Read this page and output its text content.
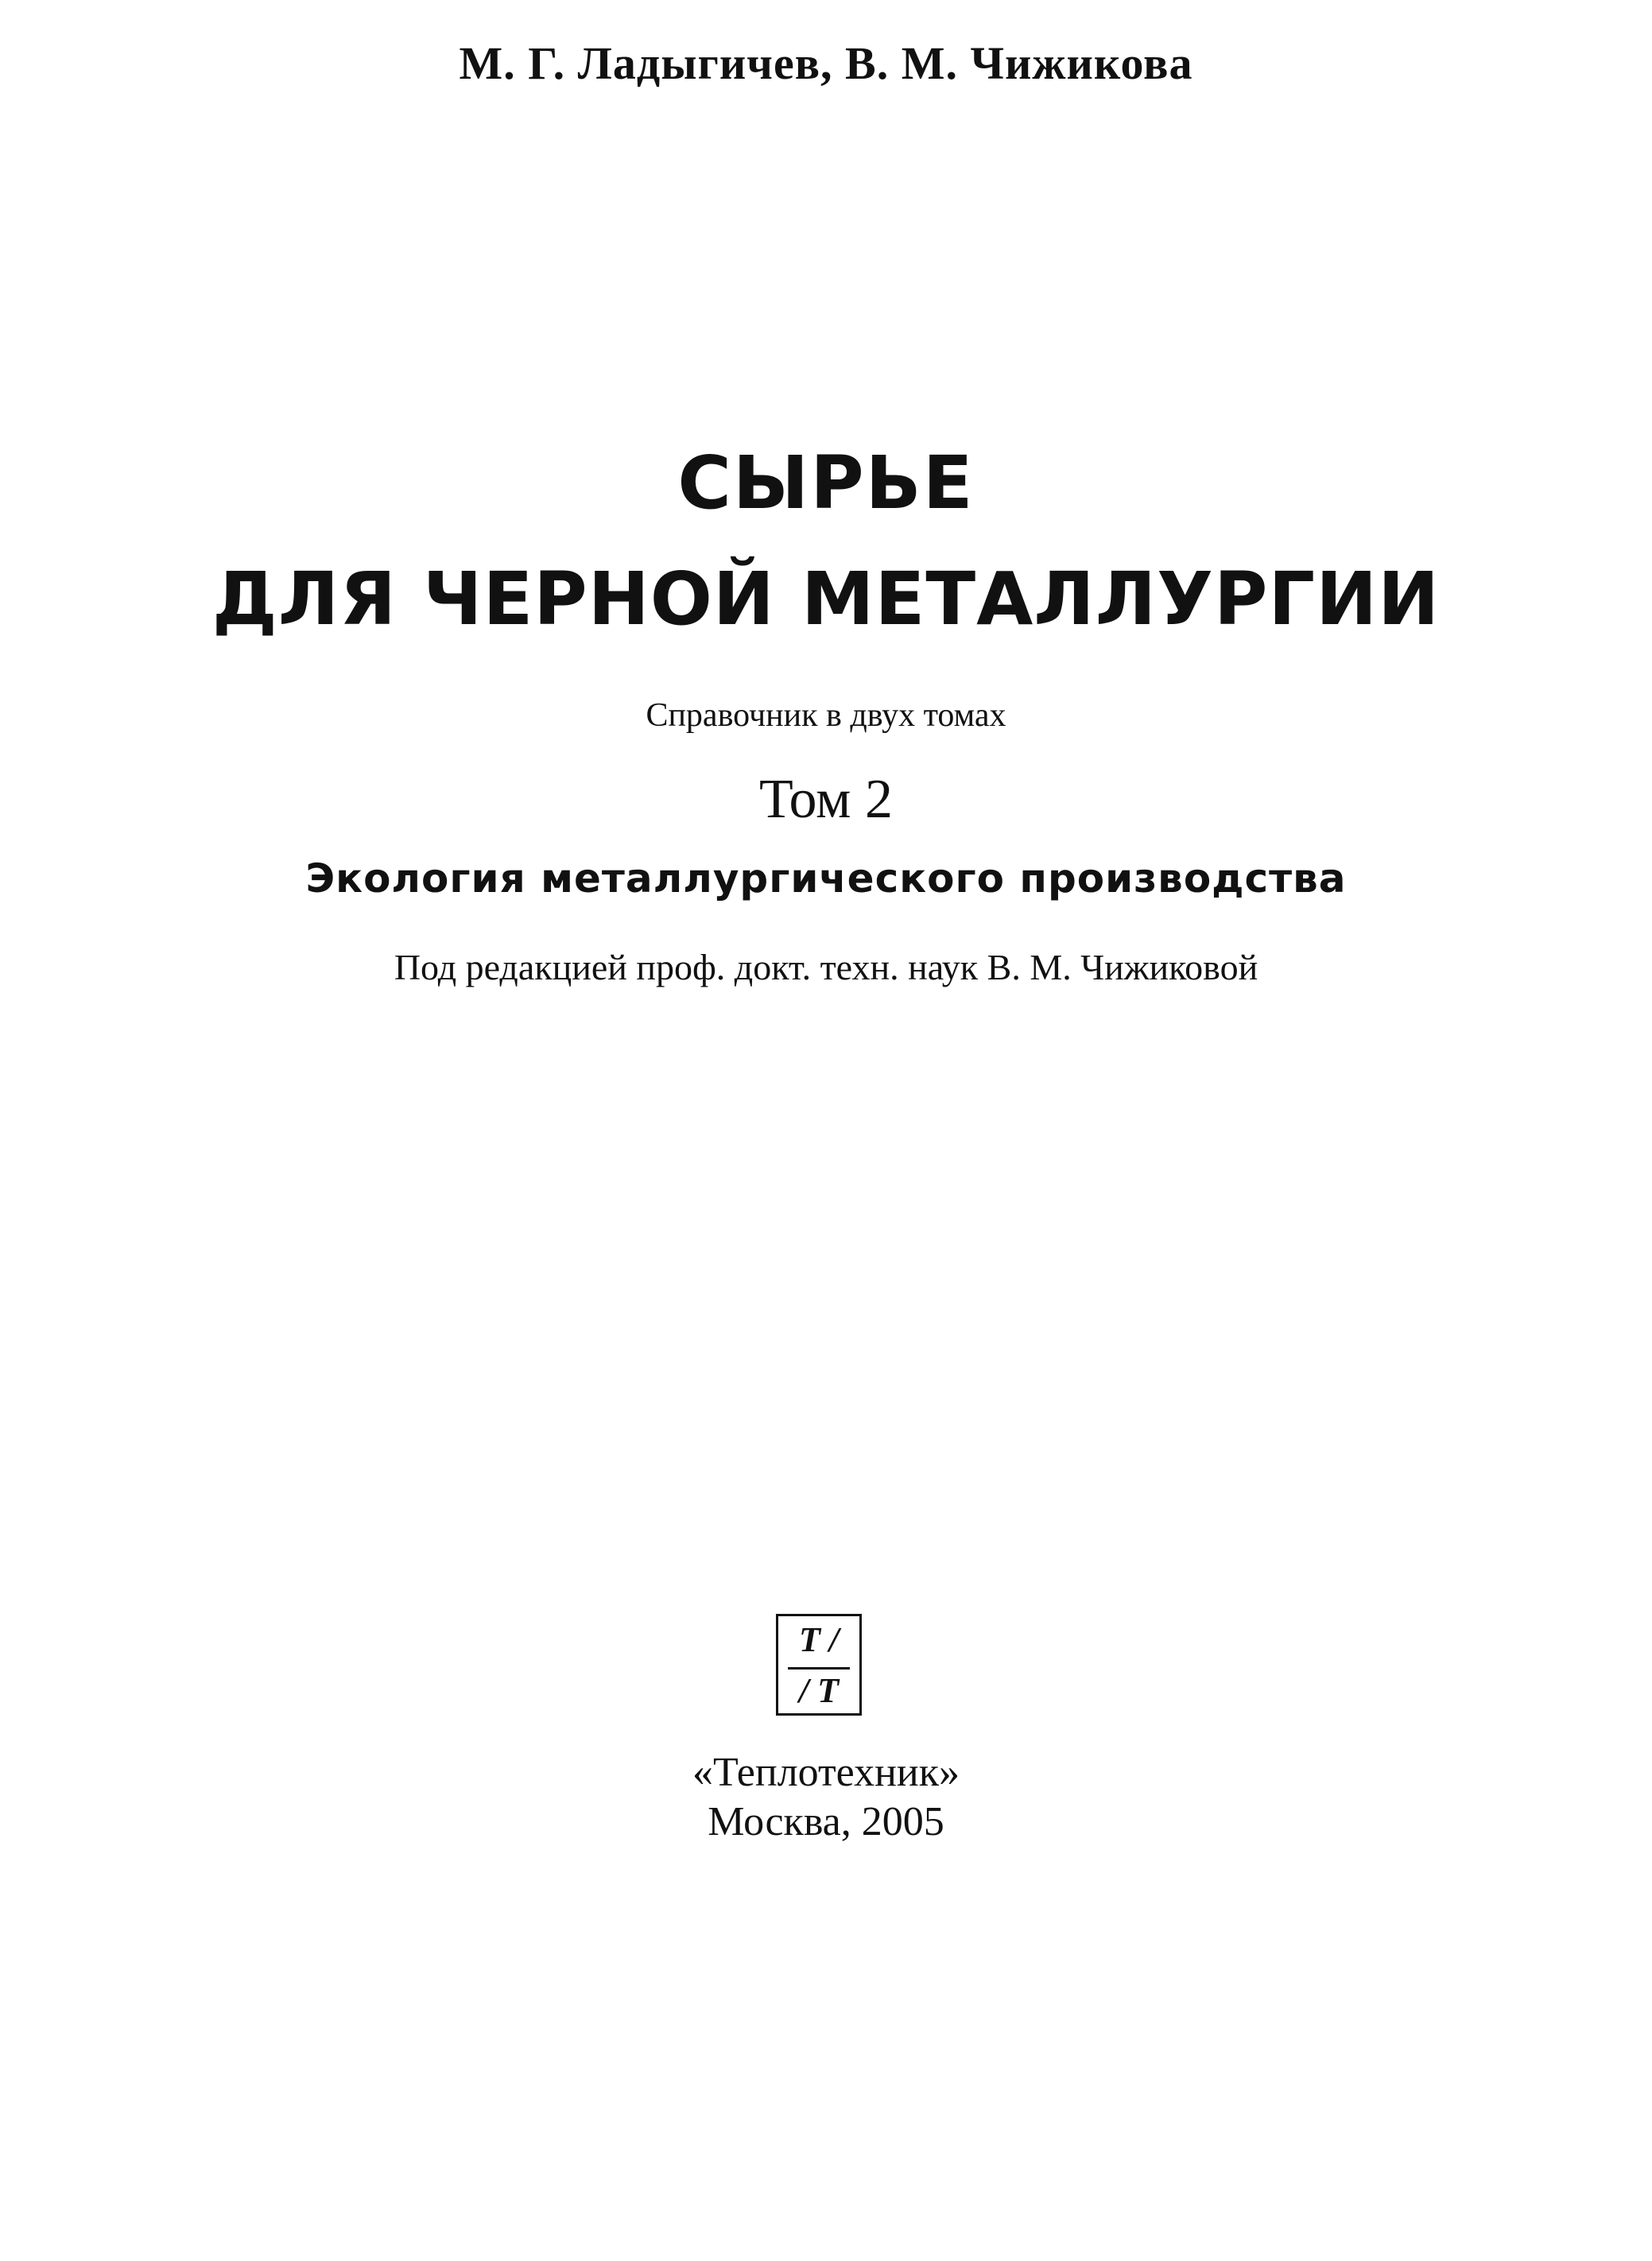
М. Г. Ладыгичев, В. М. Чижикова
СЫРЬЕ
ДЛЯ ЧЕРНОЙ МЕТАЛЛУРГИИ
Справочник в двух томах
Том 2
Экология металлургического производства
Под редакцией проф. докт. техн. наук В. М. Чижиковой
T /
/ T
«Теплотехник»
Москва, 2005
